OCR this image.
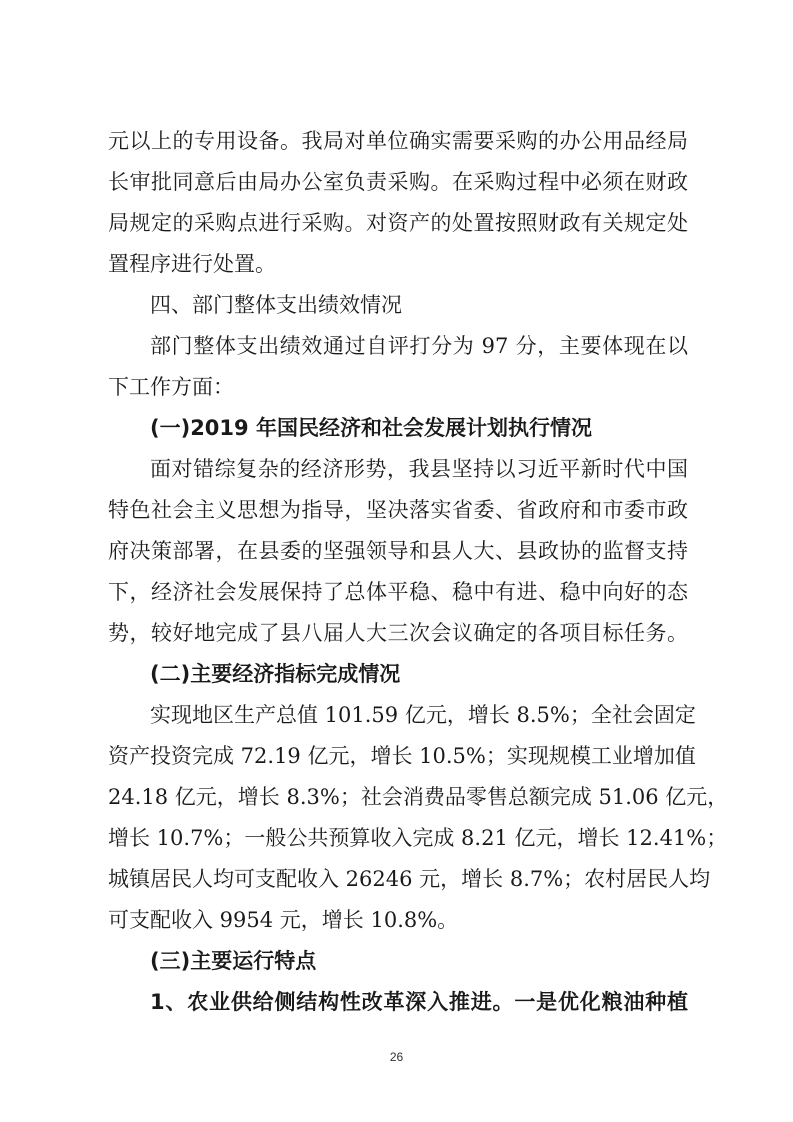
元以上的专用设备。我局对单位确实需要采购的办公用品经局
长审批同意后由局办公室负责采购。在采购过程中必须在财政
局规定的采购点进行采购。对资产的处置按照财政有关规定处
置程序进行处置。
四、部门整体支出绩效情况
部门整体支出绩效通过自评打分为 97 分，主要体现在以
下工作方面：
(一)2019 年国民经济和社会发展计划执行情况
面对错综复杂的经济形势，我县坚持以习近平新时代中国
特色社会主义思想为指导，坚决落实省委、省政府和市委市政
府决策部署，在县委的坚强领导和县人大、县政协的监督支持
下，经济社会发展保持了总体平稳、稳中有进、稳中向好的态
势，较好地完成了县八届人大三次会议确定的各项目标任务。
(二)主要经济指标完成情况
实现地区生产总值 101.59 亿元，增长 8.5%；全社会固定
资产投资完成 72.19 亿元，增长 10.5%；实现规模工业增加值
24.18 亿元，增长 8.3%；社会消费品零售总额完成 51.06 亿元，
增长 10.7%；一般公共预算收入完成 8.21 亿元，增长 12.41%；
城镇居民人均可支配收入 26246 元，增长 8.7%；农村居民人均
可支配收入 9954 元，增长 10.8%。
(三)主要运行特点
1、农业供给侧结构性改革深入推进。一是优化粮油种植
26
